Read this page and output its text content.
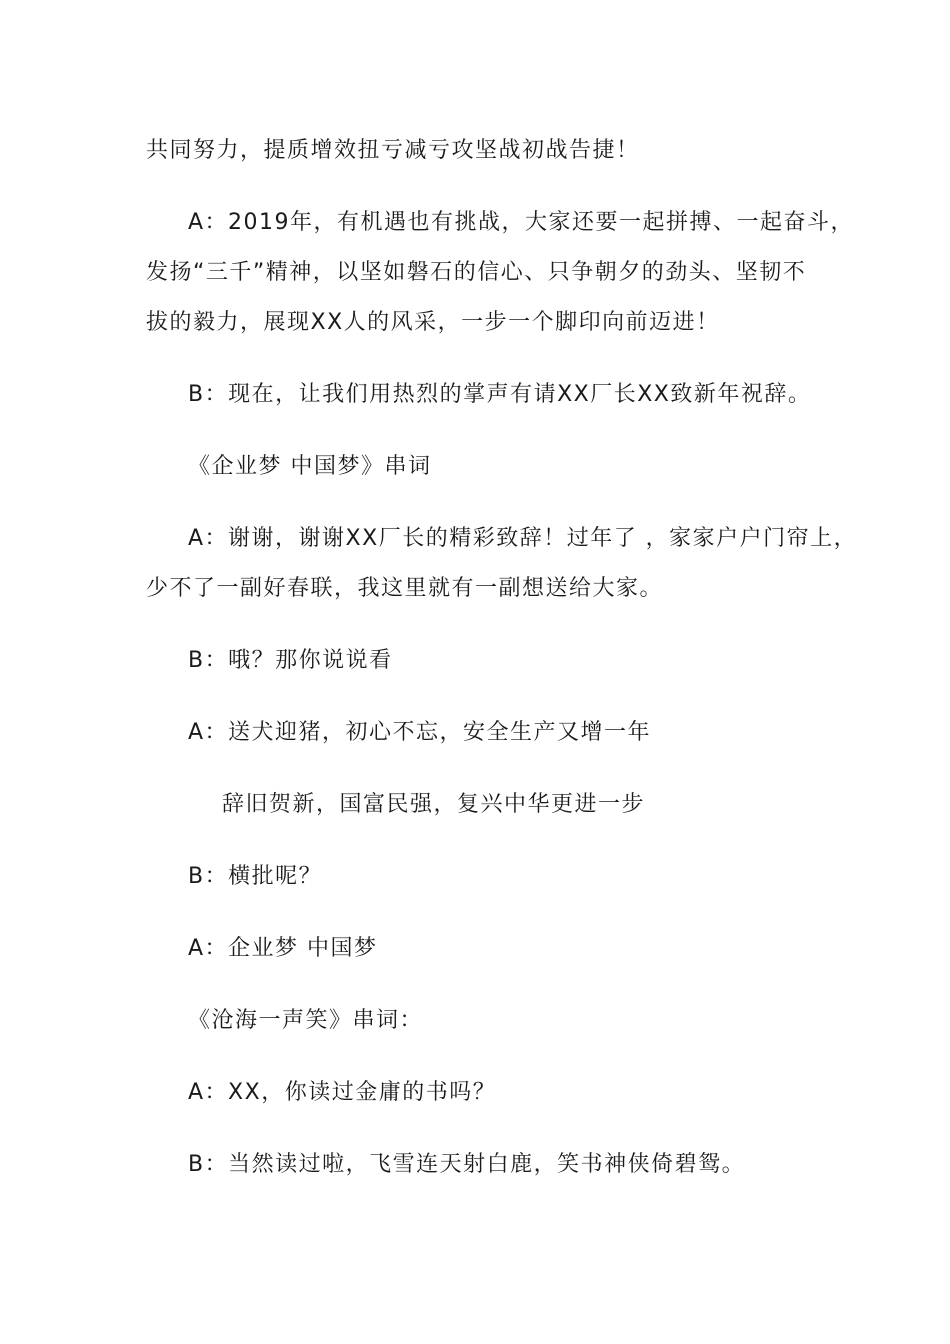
共同努力，提质增效扭亏减亏攻坚战初战告捷！
A：2019年，有机遇也有挑战，大家还要一起拼搏、一起奋斗，
发扬“三千”精神，以坚如磐石的信心、只争朝夕的劲头、坚韧不
拔的毅力，展现XX人的风采，一步一个脚印向前迈进！
B：现在，让我们用热烈的掌声有请XX厂长XX致新年祝辞。
《企业梦 中国梦》串词
A：谢谢，谢谢XX厂长的精彩致辞！过年了 ，家家户户门帘上，
少不了一副好春联，我这里就有一副想送给大家。
B：哦？那你说说看
A：送犬迎猪，初心不忘，安全生产又增一年
辞旧贺新，国富民强，复兴中华更进一步
B：横批呢？
A：企业梦 中国梦
《沧海一声笑》串词：
A：XX，你读过金庸的书吗？
B：当然读过啦，飞雪连天射白鹿，笑书神侠倚碧鸳。
